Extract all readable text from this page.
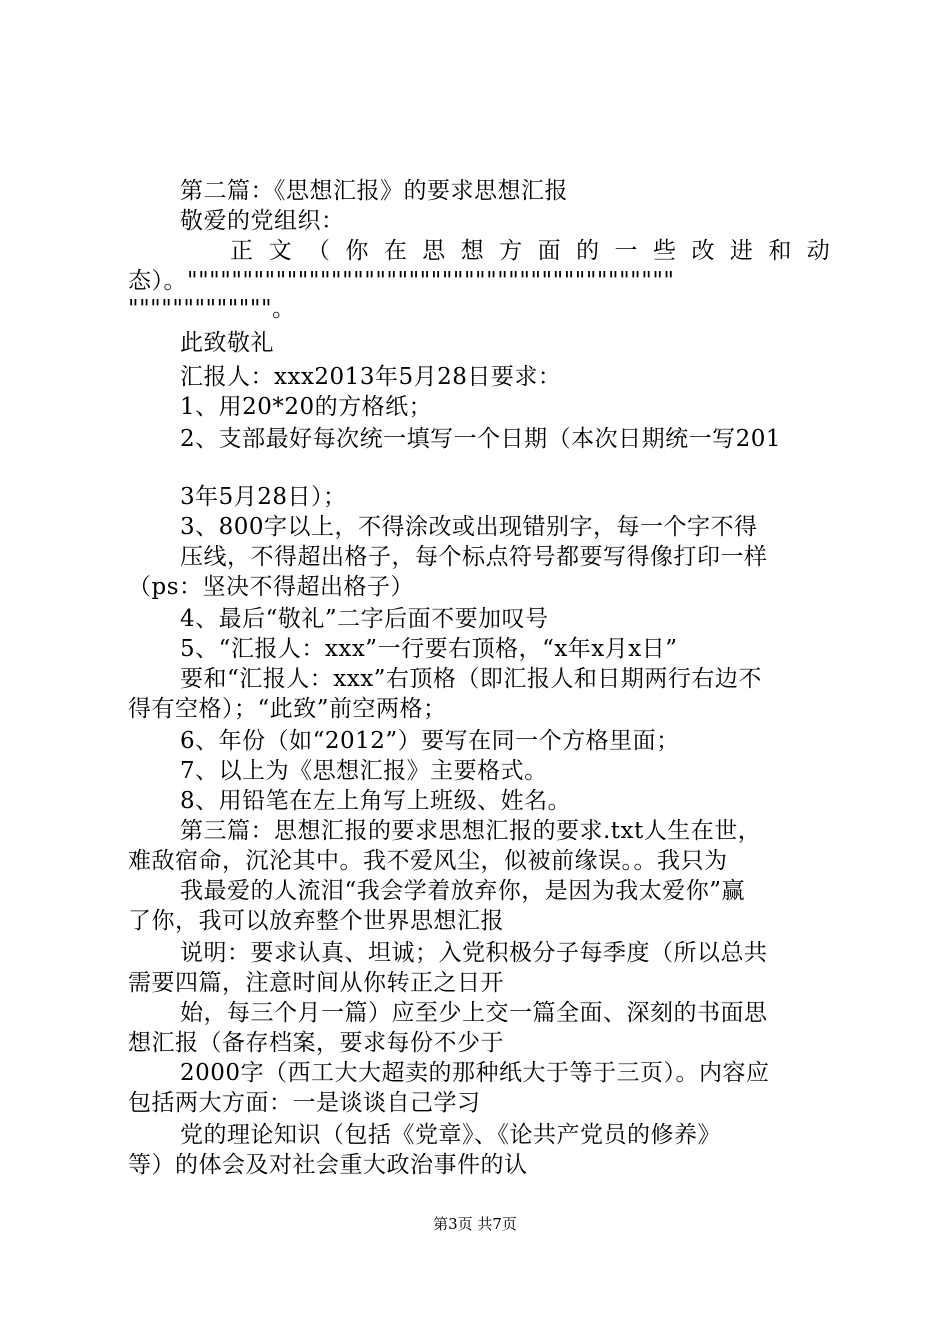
第二篇：《思想汇报》的要求思想汇报
敬爱的党组织：
正 文 （ 你 在 思 想 方 面 的 一 些 改 进 和 动
态）。""""""""""""""""""""""""""""""""""""""""""""
"""""""""""""。
此致敬礼
汇报人：xxx2013年5月28日要求：
1、用20*20的方格纸；
2、支部最好每次统一填写一个日期（本次日期统一写201
3年5月28日）；
3、800字以上，不得涂改或出现错别字，每一个字不得
压线，不得超出格子，每个标点符号都要写得像打印一样
（ps：坚决不得超出格子）
4、最后“敬礼”二字后面不要加叹号
5、“汇报人：xxx”一行要右顶格，“x年x月x日”
要和“汇报人：xxx”右顶格（即汇报人和日期两行右边不
得有空格）；“此致”前空两格；
6、年份（如“2012”）要写在同一个方格里面；
7、以上为《思想汇报》主要格式。
8、用铅笔在左上角写上班级、姓名。
第三篇：思想汇报的要求思想汇报的要求.txt人生在世，
难敌宿命，沉沦其中。我不爱风尘，似被前缘误。。我只为
我最爱的人流泪“我会学着放弃你，是因为我太爱你”赢
了你，我可以放弃整个世界思想汇报
说明：要求认真、坦诚；入党积极分子每季度（所以总共
需要四篇，注意时间从你转正之日开
始，每三个月一篇）应至少上交一篇全面、深刻的书面思
想汇报（备存档案，要求每份不少于
2000字（西工大大超卖的那种纸大于等于三页）。内容应
包括两大方面：一是谈谈自己学习
党的理论知识（包括《党章》、《论共产党员的修养》
等）的体会及对社会重大政治事件的认
第3页 共7页
